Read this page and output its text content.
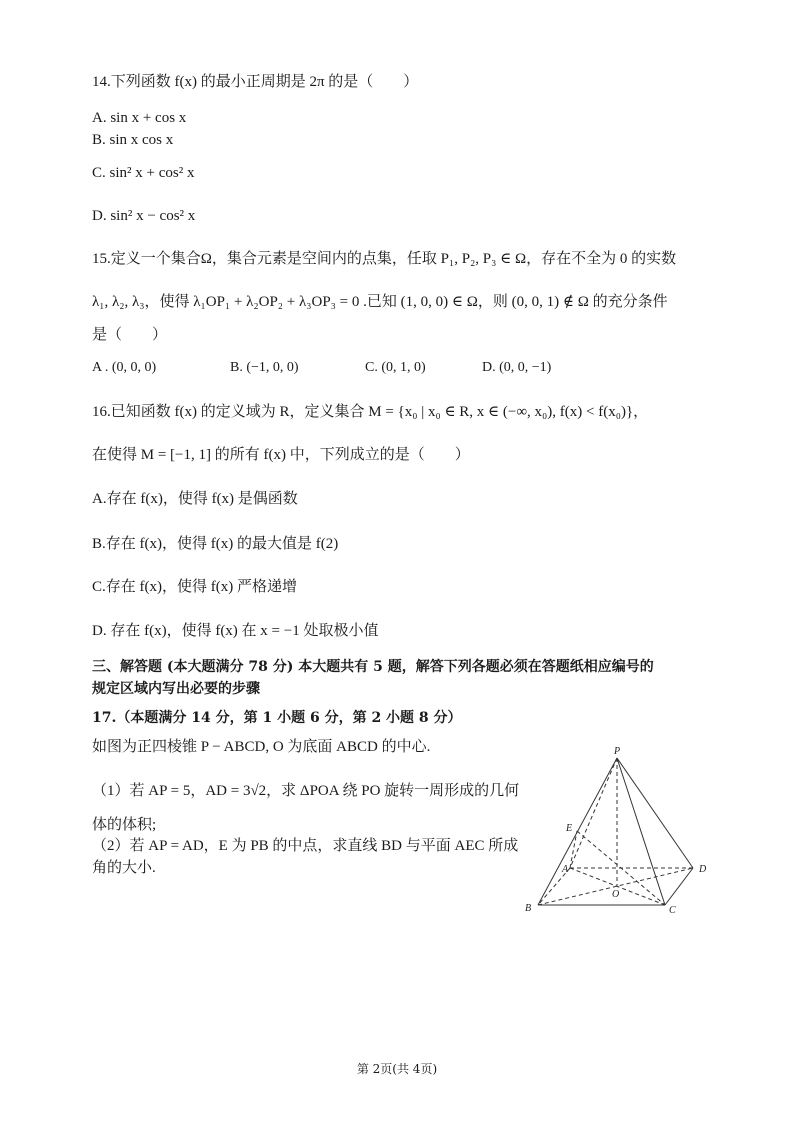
14.下列函数 f(x) 的最小正周期是 2π 的是（　　）
A. sin x + cos x
B. sin x cos x
C. sin² x + cos² x
D. sin² x − cos² x
15.定义一个集合Ω，集合元素是空间内的点集，任取 P₁, P₂, P₃ ∈ Ω，存在不全为 0 的实数
λ₁, λ₂, λ₃，使得 λ₁OP₁ + λ₂OP₂ + λ₃OP₃ = 0 .已知 (1, 0, 0) ∈ Ω，则 (0, 0, 1) ∉ Ω 的充分条件
是（　　）
A . (0, 0, 0)	B. (−1, 0, 0)	C. (0, 1, 0)	D. (0, 0, −1)
16.已知函数 f(x) 的定义域为 R，定义集合 M = {x₀ | x₀ ∈ R, x ∈ (−∞, x₀), f(x) < f(x₀)}，
在使得 M = [−1, 1] 的所有 f(x) 中，下列成立的是（　　）
A.存在 f(x)，使得 f(x) 是偶函数
B.存在 f(x)，使得 f(x) 的最大值是 f(2)
C.存在 f(x)，使得 f(x) 严格递增
D. 存在 f(x)，使得 f(x) 在 x = −1 处取极小值
三、解答题 (本大题满分 78 分) 本大题共有 5 题，解答下列各题必须在答题纸相应编号的
规定区域内写出必要的步骤
17.（本题满分 14 分，第 1 小题 6 分，第 2 小题 8 分）
如图为正四棱锥 P − ABCD, O 为底面 ABCD 的中心.
（1）若 AP = 5，AD = 3√2，求 ΔPOA 绕 PO 旋转一周形成的几何
体的体积;
（2）若 AP = AD，E 为 PB 的中点，求直线 BD 与平面 AEC 所成
角的大小.
P
E
A	D
O
B	C
第 2页(共 4页)
